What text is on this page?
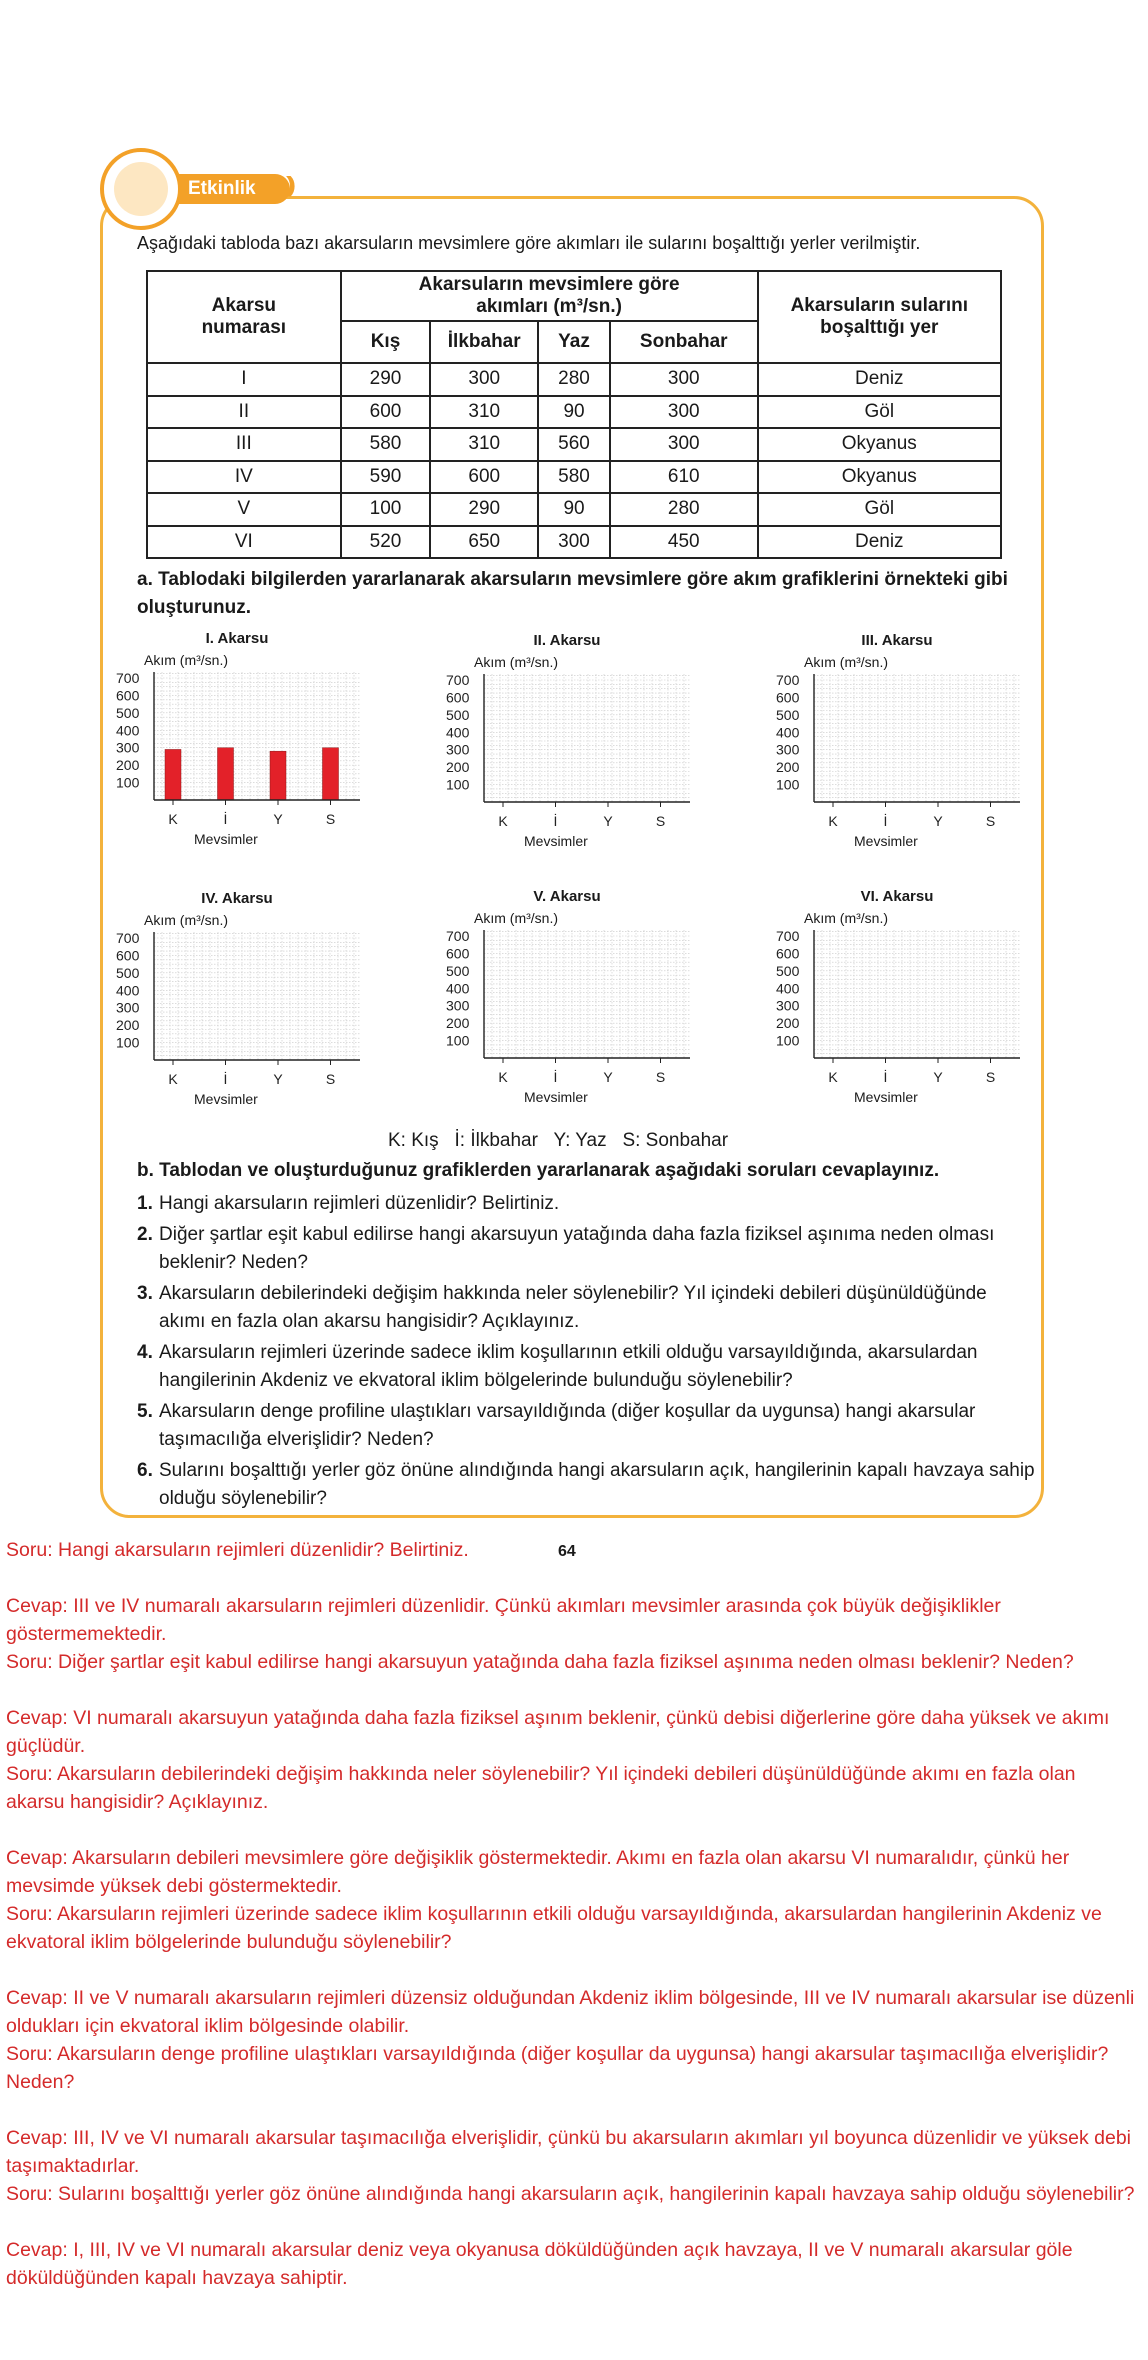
Etkinlik	)))
Aşağıdaki tabloda bazı akarsuların mevsimlere göre akımları ile sularını boşalttığı yerler verilmiştir.
Akarsu numarası	Akarsuların mevsimlere göre akımları (m³/sn.)				Akarsuların sularını boşalttığı yer
	Kış	İlkbahar	Yaz	Sonbahar	
I	290	300	280	300	Deniz
II	600	310	90	300	Göl
III	580	310	560	300	Okyanus
IV	590	600	580	610	Okyanus
V	100	290	90	280	Göl
VI	520	650	300	450	Deniz
a. Tablodaki bilgilerden yararlanarak akarsuların mevsimlere göre akım grafiklerini örnekteki gibi oluşturunuz.
I. Akarsu
Akım (m³/sn.)
Mevsimler
700
600
500
400
300
200
100
K	İ	Y	S
II. Akarsu
Akım (m³/sn.)
Mevsimler
700
600
500
400
300
200
100
K	İ	Y	S
III. Akarsu
Akım (m³/sn.)
Mevsimler
700
600
500
400
300
200
100
K	İ	Y	S
IV. Akarsu
Akım (m³/sn.)
Mevsimler
700
600
500
400
300
200
100
K	İ	Y	S
V. Akarsu
Akım (m³/sn.)
Mevsimler
700
600
500
400
300
200
100
K	İ	Y	S
VI. Akarsu
Akım (m³/sn.)
Mevsimler
700
600
500
400
300
200
100
K	İ	Y	S
K: Kış   İ: İlkbahar   Y: Yaz   S: Sonbahar
b. Tablodan ve oluşturduğunuz grafiklerden yararlanarak aşağıdaki soruları cevaplayınız.
1. Hangi akarsuların rejimleri düzenlidir? Belirtiniz.
2. Diğer şartlar eşit kabul edilirse hangi akarsuyun yatağında daha fazla fiziksel aşınıma neden olması beklenir? Neden?
3. Akarsuların debilerindeki değişim hakkında neler söylenebilir? Yıl içindeki debileri düşünüldüğünde akımı en fazla olan akarsu hangisidir? Açıklayınız.
4. Akarsuların rejimleri üzerinde sadece iklim koşullarının etkili olduğu varsayıldığında, akarsulardan hangilerinin Akdeniz ve ekvatoral iklim bölgelerinde bulunduğu söylenebilir?
5. Akarsuların denge profiline ulaştıkları varsayıldığında (diğer koşullar da uygunsa) hangi akarsular taşımacılığa elverişlidir? Neden?
6. Sularını boşalttığı yerler göz önüne alındığında hangi akarsuların açık, hangilerinin kapalı havzaya sahip olduğu söylenebilir?
64
Soru: Hangi akarsuların rejimleri düzenlidir? Belirtiniz.
Cevap: III ve IV numaralı akarsuların rejimleri düzenlidir. Çünkü akımları mevsimler arasında çok büyük değişiklikler göstermemektedir.
Soru: Diğer şartlar eşit kabul edilirse hangi akarsuyun yatağında daha fazla fiziksel aşınıma neden olması beklenir? Neden?
Cevap: VI numaralı akarsuyun yatağında daha fazla fiziksel aşınım beklenir, çünkü debisi diğerlerine göre daha yüksek ve akımı güçlüdür.
Soru: Akarsuların debilerindeki değişim hakkında neler söylenebilir? Yıl içindeki debileri düşünüldüğünde akımı en fazla olan akarsu hangisidir? Açıklayınız.
Cevap: Akarsuların debileri mevsimlere göre değişiklik göstermektedir. Akımı en fazla olan akarsu VI numaralıdır, çünkü her mevsimde yüksek debi göstermektedir.
Soru: Akarsuların rejimleri üzerinde sadece iklim koşullarının etkili olduğu varsayıldığında, akarsulardan hangilerinin Akdeniz ve ekvatoral iklim bölgelerinde bulunduğu söylenebilir?
Cevap: II ve V numaralı akarsuların rejimleri düzensiz olduğundan Akdeniz iklim bölgesinde, III ve IV numaralı akarsular ise düzenli oldukları için ekvatoral iklim bölgesinde olabilir.
Soru: Akarsuların denge profiline ulaştıkları varsayıldığında (diğer koşullar da uygunsa) hangi akarsular taşımacılığa elverişlidir? Neden?
Cevap: III, IV ve VI numaralı akarsular taşımacılığa elverişlidir, çünkü bu akarsuların akımları yıl boyunca düzenlidir ve yüksek debi taşımaktadırlar.
Soru: Sularını boşalttığı yerler göz önüne alındığında hangi akarsuların açık, hangilerinin kapalı havzaya sahip olduğu söylenebilir?
Cevap: I, III, IV ve VI numaralı akarsular deniz veya okyanusa döküldüğünden açık havzaya, II ve V numaralı akarsular göle döküldüğünden kapalı havzaya sahiptir.
